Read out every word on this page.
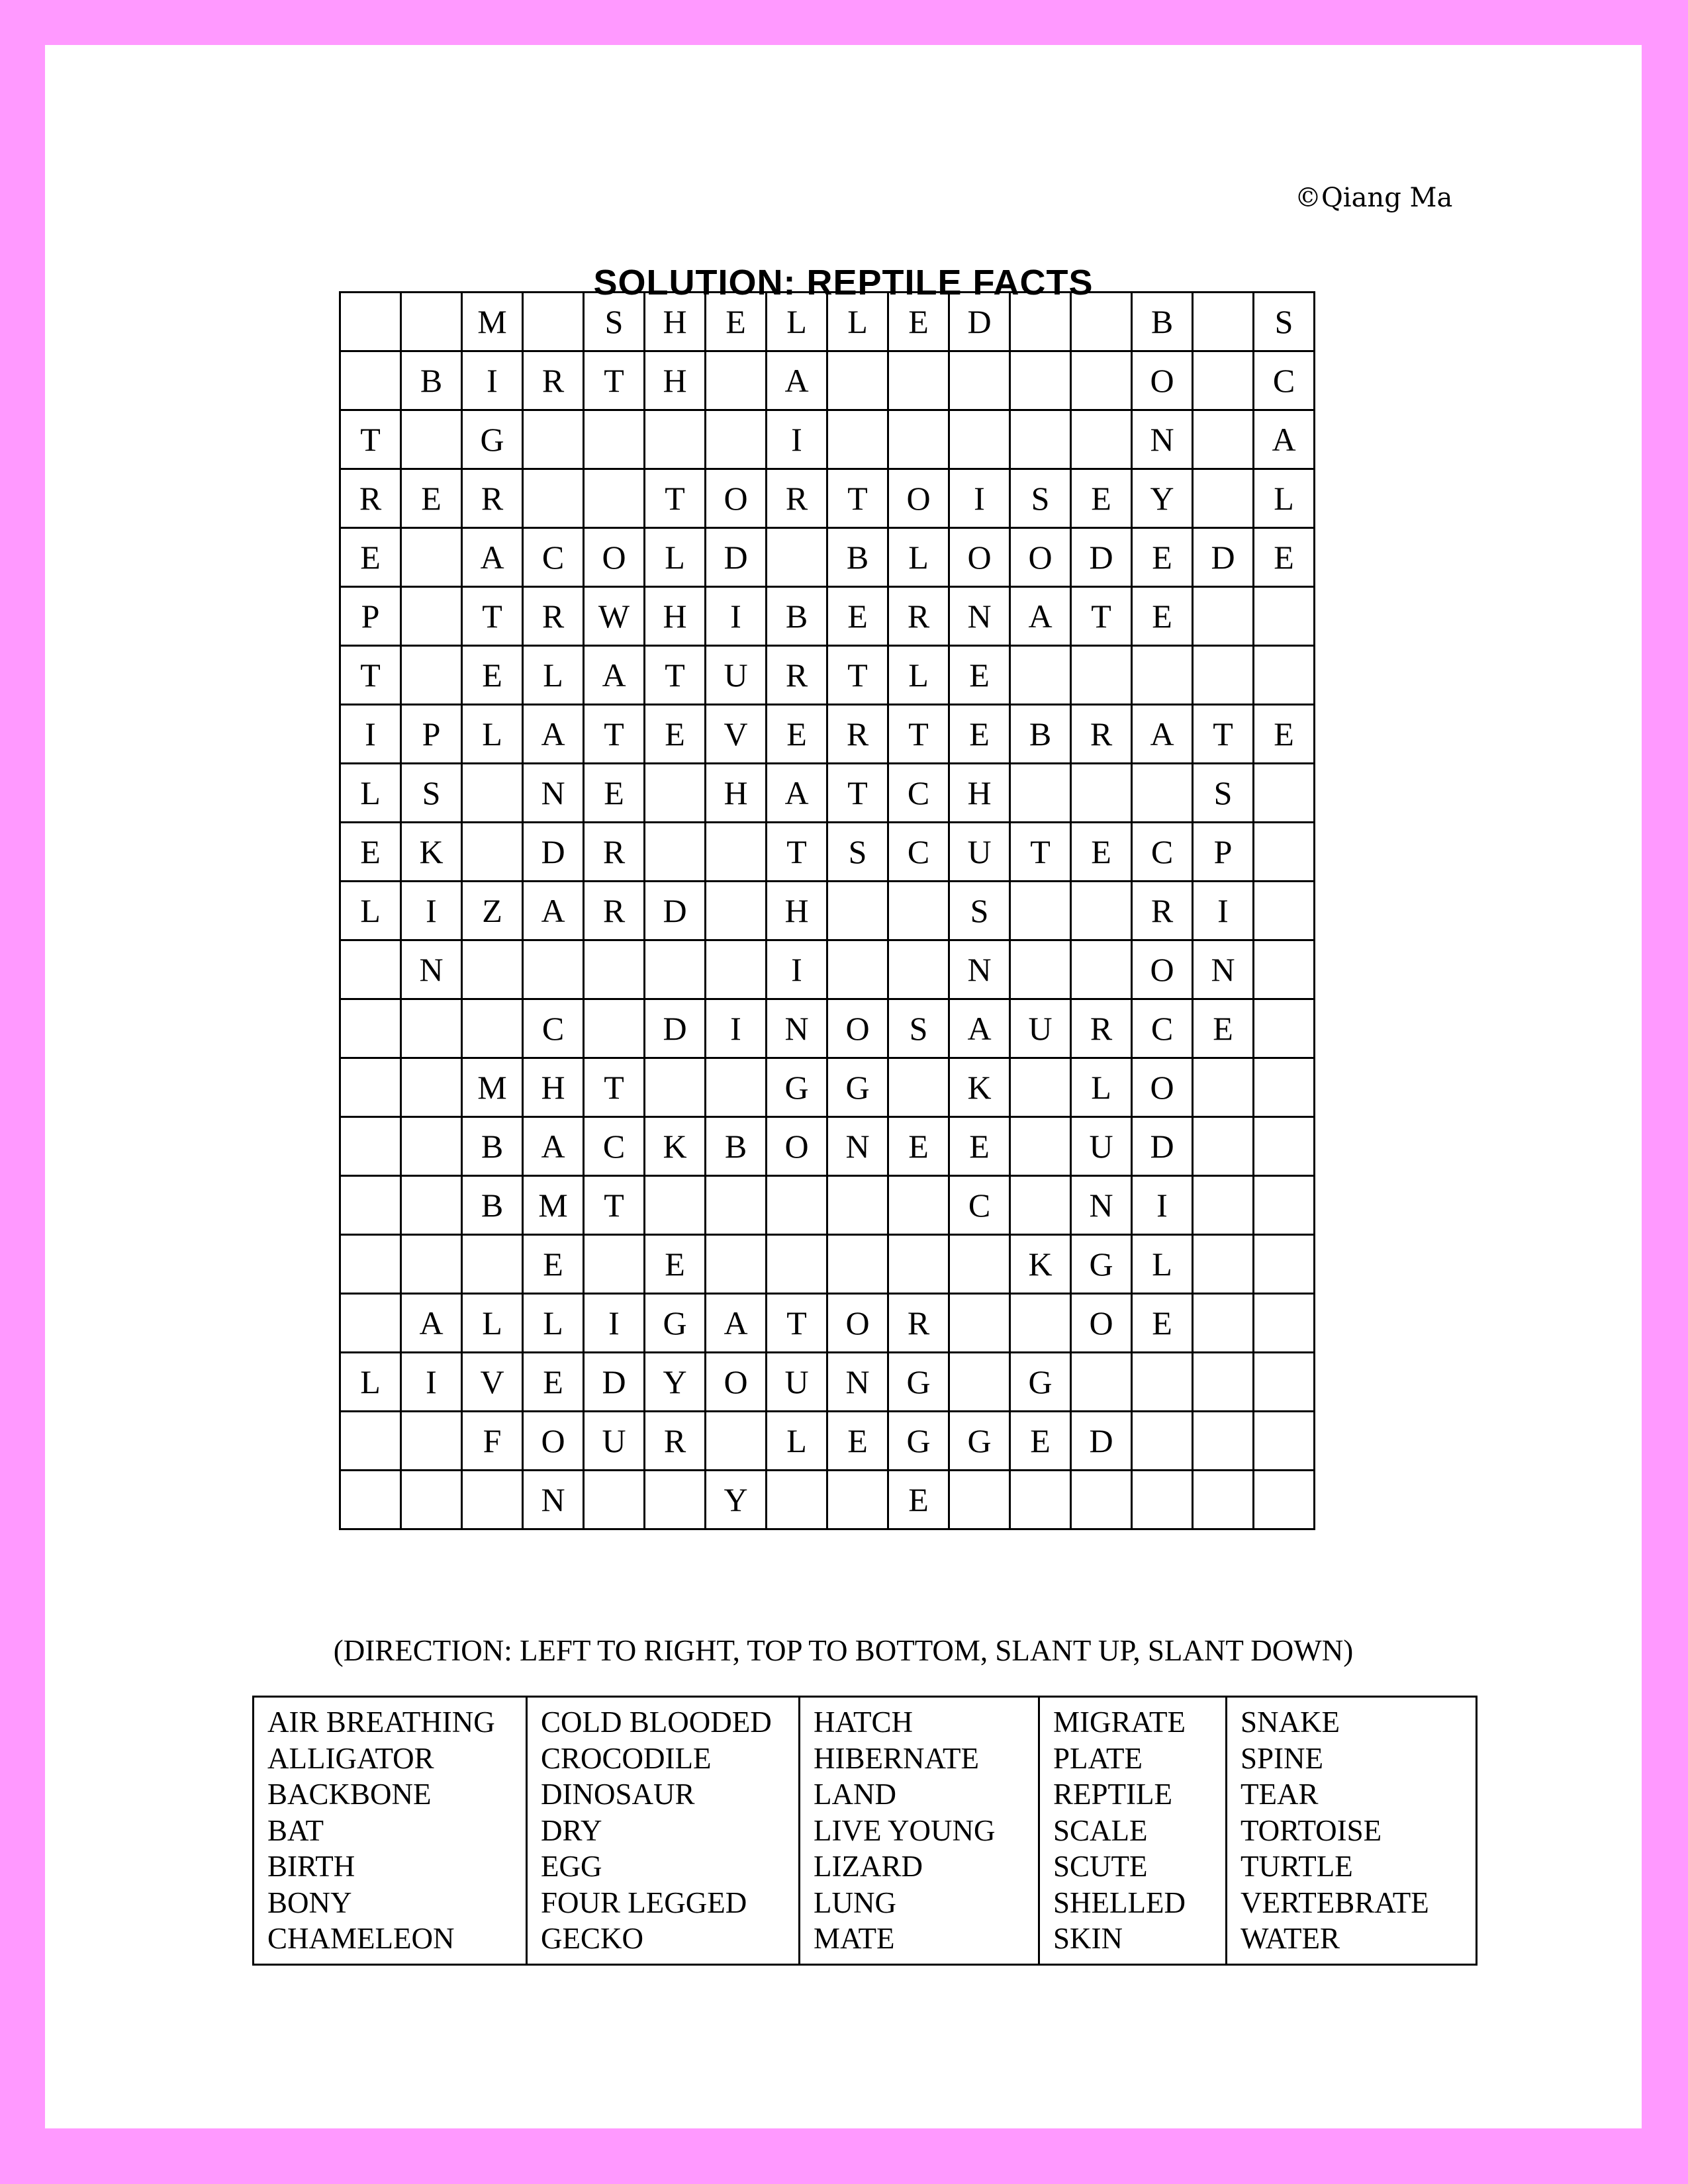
©Qiang Ma
SOLUTION: REPTILE FACTS
		M		S	H	E	L	L	E	D			B		S
	B	I	R	T	H		A						O		C
T		G					I						N		A
R	E	R			T	O	R	T	O	I	S	E	Y		L
E		A	C	O	L	D		B	L	O	O	D	E	D	E
P		T	R	W	H	I	B	E	R	N	A	T	E		
T		E	L	A	T	U	R	T	L	E					
I	P	L	A	T	E	V	E	R	T	E	B	R	A	T	E
L	S		N	E		H	A	T	C	H				S	
E	K		D	R			T	S	C	U	T	E	C	P	
L	I	Z	A	R	D		H			S			R	I	
	N						I			N			O	N	
			C		D	I	N	O	S	A	U	R	C	E	
		M	H	T			G	G		K		L	O		
		B	A	C	K	B	O	N	E	E		U	D		
		B	M	T						C		N	I		
			E		E						K	G	L		
	A	L	L	I	G	A	T	O	R			O	E		
L	I	V	E	D	Y	O	U	N	G		G				
		F	O	U	R		L	E	G	G	E	D			
			N			Y			E						
(DIRECTION: LEFT TO RIGHT, TOP TO BOTTOM, SLANT UP, SLANT DOWN)
AIR BREATHING
ALLIGATOR
BACKBONE
BAT
BIRTH
BONY
CHAMELEON

COLD BLOODED
CROCODILE
DINOSAUR
DRY
EGG
FOUR LEGGED
GECKO

HATCH
HIBERNATE
LAND
LIVE YOUNG
LIZARD
LUNG
MATE

MIGRATE
PLATE
REPTILE
SCALE
SCUTE
SHELLED
SKIN

SNAKE
SPINE
TEAR
TORTOISE
TURTLE
VERTEBRATE
WATER
